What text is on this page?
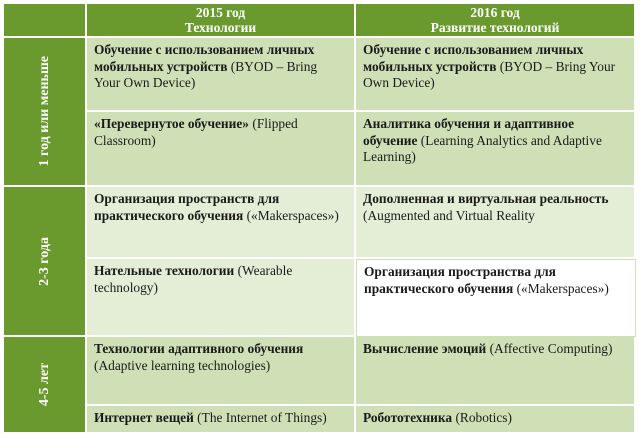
2015 год
Технологии
2016 год
Развитие технологий
1 год или меньше
Обучение с использованием личных мобильных устройств (BYOD – Bring Your Own Device)
Обучение с использованием личных мобильных устройств (BYOD – Bring Your Own Device)
«Перевернутое обучение» (Flipped Classroom)
Аналитика обучения и адаптивное обучение (Learning Analytics and Adaptive Learning)
2-3 года
Организация пространств для практического обучения («Makerspaces»)
Дополненная и виртуальная реальность (Augmented and Virtual Reality
Нательные технологии (Wearable technology)
Организация пространства для практического обучения («Makerspaces»)
4-5 лет
Технологии адаптивного обучения (Adaptive learning technologies)
Вычисление эмоций (Affective Computing)
Интернет вещей (The Internet of Things)	Робототехника (Robotics)
